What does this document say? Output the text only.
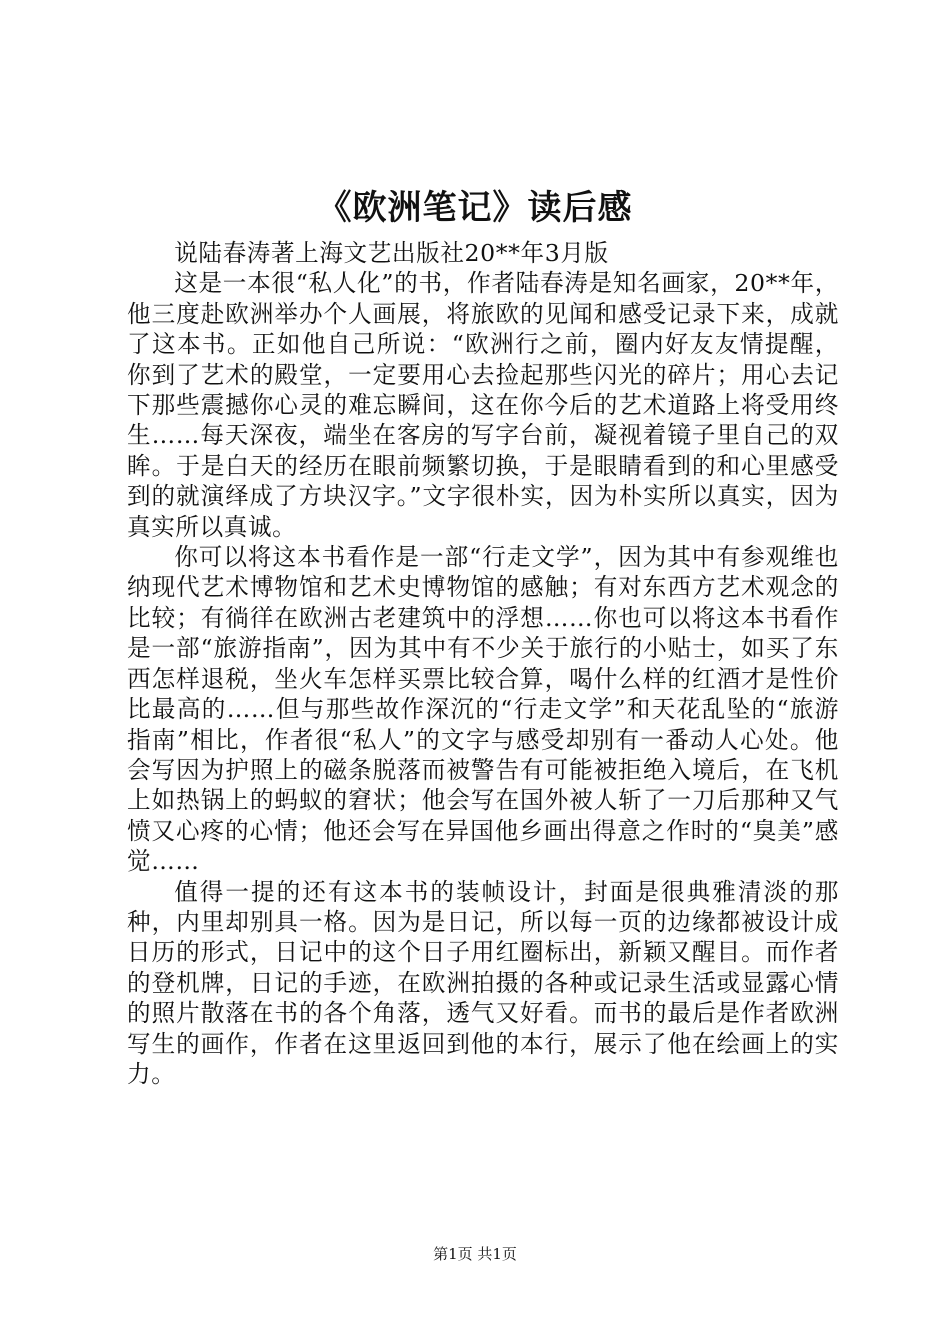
《欧洲笔记》读后感

说陆春涛著上海文艺出版社20**年3月版

这是一本很“私人化”的书，作者陆春涛是知名画家，20**年，他三度赴欧洲举办个人画展，将旅欧的见闻和感受记录下来，成就了这本书。正如他自己所说：“欧洲行之前，圈内好友友情提醒，你到了艺术的殿堂，一定要用心去捡起那些闪光的碎片；用心去记下那些震撼你心灵的难忘瞬间，这在你今后的艺术道路上将受用终生……每天深夜，端坐在客房的写字台前，凝视着镜子里自己的双眸。于是白天的经历在眼前频繁切换，于是眼睛看到的和心里感受到的就演绎成了方块汉字。”文字很朴实，因为朴实所以真实，因为真实所以真诚。

你可以将这本书看作是一部“行走文学”，因为其中有参观维也纳现代艺术博物馆和艺术史博物馆的感触；有对东西方艺术观念的比较；有徜徉在欧洲古老建筑中的浮想……你也可以将这本书看作是一部“旅游指南”，因为其中有不少关于旅行的小贴士，如买了东西怎样退税，坐火车怎样买票比较合算，喝什么样的红酒才是性价比最高的……但与那些故作深沉的“行走文学”和天花乱坠的“旅游指南”相比，作者很“私人”的文字与感受却别有一番动人心处。他会写因为护照上的磁条脱落而被警告有可能被拒绝入境后，在飞机上如热锅上的蚂蚁的窘状；他会写在国外被人斩了一刀后那种又气愤又心疼的心情；他还会写在异国他乡画出得意之作时的“臭美”感觉……

值得一提的还有这本书的装帧设计，封面是很典雅清淡的那种，内里却别具一格。因为是日记，所以每一页的边缘都被设计成日历的形式，日记中的这个日子用红圈标出，新颖又醒目。而作者的登机牌，日记的手迹，在欧洲拍摄的各种或记录生活或显露心情的照片散落在书的各个角落，透气又好看。而书的最后是作者欧洲写生的画作，作者在这里返回到他的本行，展示了他在绘画上的实力。

第1页 共1页
